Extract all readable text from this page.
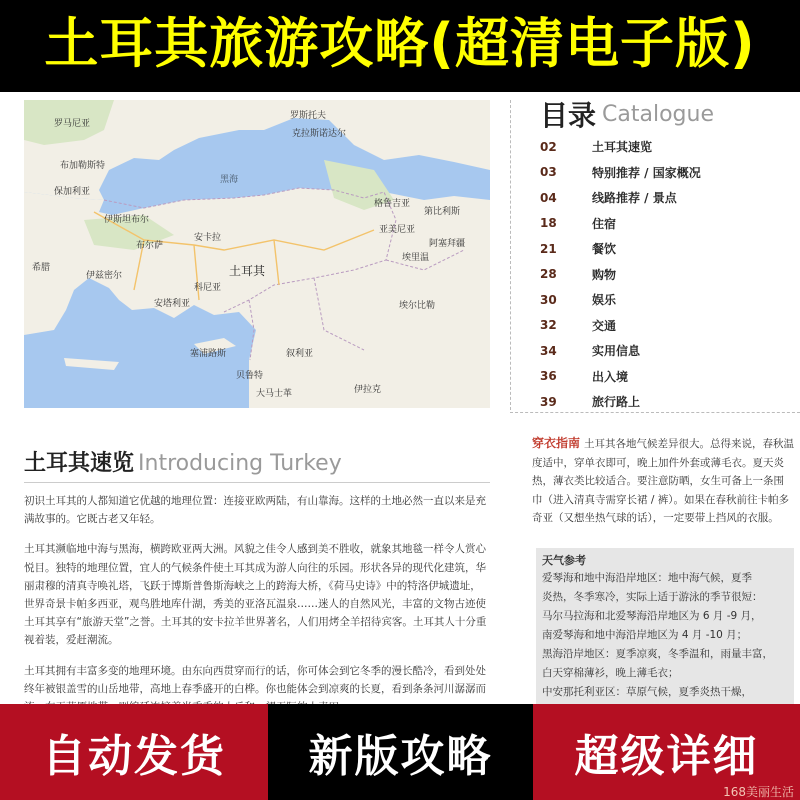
土耳其旅游攻略(超清电子版)
罗马尼亚
布加勒斯特
保加利亚
黑海
格鲁吉亚
亚美尼亚
阿塞拜疆
伊斯坦布尔
布尔萨
安卡拉
土耳其
希腊
伊兹密尔
安塔利亚
科尼亚
塞浦路斯	叙利亚
伊拉克
埃尔比勒
贝鲁特
大马士革
第比利斯
埃里温
罗斯托夫
克拉斯诺达尔
目录 Catalogue
02	土耳其速览
03	特别推荐 / 国家概况
04	线路推荐 / 景点
18	住宿
21	餐饮
28	购物
30	娱乐
32	交通
34	实用信息
36	出入境
39	旅行路上
土耳其速览 Introducing Turkey

初识土耳其的人都知道它优越的地理位置：连接亚欧两陆，有山靠海。这样的土地必然一直以来是充满故事的。它既古老又年轻。

土耳其濒临地中海与黑海，横跨欧亚两大洲。风貌之佳令人感到美不胜收，就象其地毯一样令人赏心悦目。独特的地理位置，宜人的气候条件使土耳其成为游人向往的乐园。形状各异的现代化建筑，华丽肃穆的清真寺唤礼塔，飞跃于博斯普鲁斯海峡之上的跨海大桥，《荷马史诗》中的特洛伊城遗址，世界奇景卡帕多西亚，观鸟胜地库什湖，秀美的亚洛瓦温泉……迷人的自然风光，丰富的文物古迹使土耳其享有“旅游天堂”之誉。土耳其的安卡拉羊世界著名，人们用烤全羊招待宾客。土耳其人十分重视着装，爱赶潮流。

土耳其拥有丰富多变的地理环境。由东向西贯穿而行的话，你可体会到它冬季的漫长酷冷，看到处处终年被银盖雪的山岳地带，高地上春季盛开的白桦。你也能体会到凉爽的长夏，看到条条河川潺潺而

穿衣指南 土耳其各地气候差异很大。总得来说，春秋温度适中，穿单衣即可，晚上加件外套或薄毛衣。夏天炎热，薄衣类比较适合。要注意防晒，女生可备上一条围巾（进入清真寺需穿长裙 / 裤）。如果在春秋前往卡帕多奇亚（又想坐热气球的话），一定要带上挡风的衣服。
天气参考
爱琴海和地中海沿岸地区：地中海气候，夏季
炎热，冬季寒冷，实际上适于游泳的季节很短：
马尔马拉海和北爱琴海沿岸地区为 6 月 -9 月，
南爱琴海和地中海沿岸地区为 4 月 -10 月；
黑海沿岸地区：夏季凉爽，冬季温和，雨量丰富，
白天穿棉薄衫，晚上薄毛衣；
中安那托利亚区：草原气候，夏季炎热干燥，
自动发货	新版攻略	超级详细
168美丽生活
